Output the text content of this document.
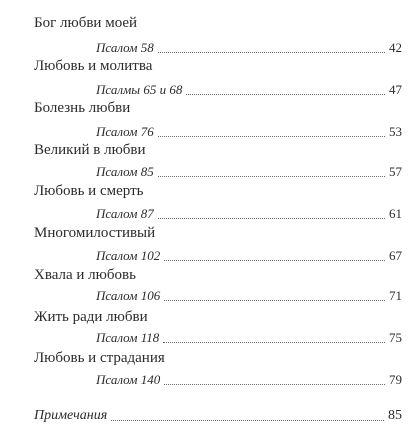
Бог любви моей
Псалом 58	42
Любовь и молитва
Псалмы 65 и 68	47
Болезнь любви
Псалом 76	53
Великий в любви
Псалом 85	57
Любовь и смерть
Псалом 87	61
Многомилостивый
Псалом 102	67
Хвала и любовь
Псалом 106	71
Жить ради любви
Псалом 118	75
Любовь и страдания
Псалом 140	79
Примечания	85
